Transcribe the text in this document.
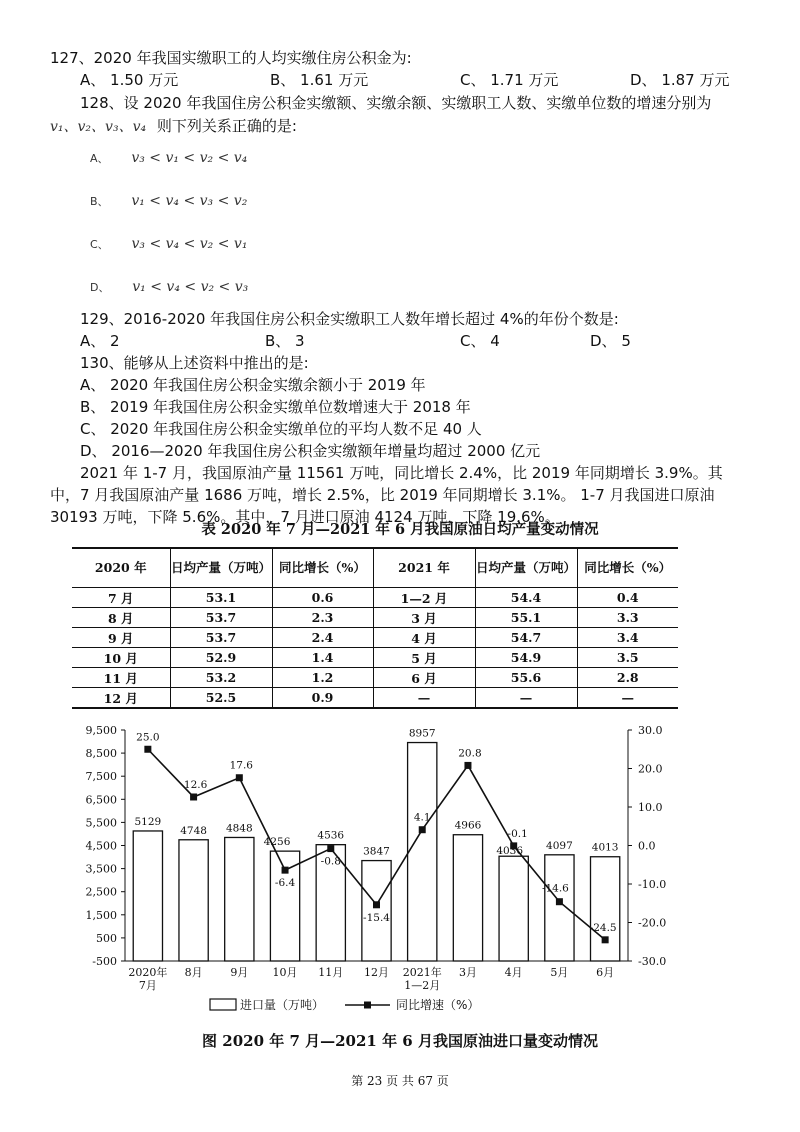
127、2020 年我国实缴职工的人均实缴住房公积金为:
A、 1.50 万元	B、 1.61 万元	C、 1.71 万元	D、 1.87 万元
128、设 2020 年我国住房公积金实缴额、实缴余额、实缴职工人数、实缴单位数的增速分别为
v₁、v₂、v₃、v₄ 则下列关系正确的是:
A、 v₃ < v₁ < v₂ < v₄
B、 v₁ < v₄ < v₃ < v₂
C、 v₃ < v₄ < v₂ < v₁
D、 v₁ < v₄ < v₂ < v₃
129、2016-2020 年我国住房公积金实缴职工人数年增长超过 4%的年份个数是:
A、 2	B、 3	C、 4	D、 5
130、能够从上述资料中推出的是:
A、 2020 年我国住房公积金实缴余额小于 2019 年
B、 2019 年我国住房公积金实缴单位数增速大于 2018 年
C、 2020 年我国住房公积金实缴单位的平均人数不足 40 人
D、 2016—2020 年我国住房公积金实缴额年增量均超过 2000 亿元
2021 年 1-7 月，我国原油产量 11561 万吨，同比增长 2.4%，比 2019 年同期增长 3.9%。其
中，7 月我国原油产量 1686 万吨，增长 2.5%，比 2019 年同期增长 3.1%。 1-7 月我国进口原油
30193 万吨，下降 5.6%。其中，7 月进口原油 4124 万吨，下降 19.6%。
表 2020 年 7 月—2021 年 6 月我国原油日均产量变动情况
2020 年	日均产量（万吨）	同比增长（%）	2021 年	日均产量（万吨）	同比增长（%）
7 月	53.1	0.6	1—2 月	54.4	0.4
8 月	53.7	2.3	3 月	55.1	3.3
9 月	53.7	2.4	4 月	54.7	3.4
10 月	52.9	1.4	5 月	54.9	3.5
11 月	53.2	1.2	6 月	55.6	2.8
12 月	52.5	0.9	—	—	—
9,500
8,500
7,500
6,500
5,500
4,500
3,500
2,500
1,500
500
-500
30.0
20.0
10.0
0.0
-10.0
-20.0
-30.0
2020年
7月
8月	9月 10月 11月 12月 2021年
1—2月
3月	4月	5月	6月
5129
4748 4848
4256
4536
3847
8957
4966
4036 4097 4013
25.0
12.6
17.6
-6.4
-0.8
-15.4
4.1
20.8
-0.1
-14.6
-24.5
进口量（万吨）	同比增速（%）
图 2020 年 7 月—2021 年 6 月我国原油进口量变动情况
第 23 页 共 67 页
